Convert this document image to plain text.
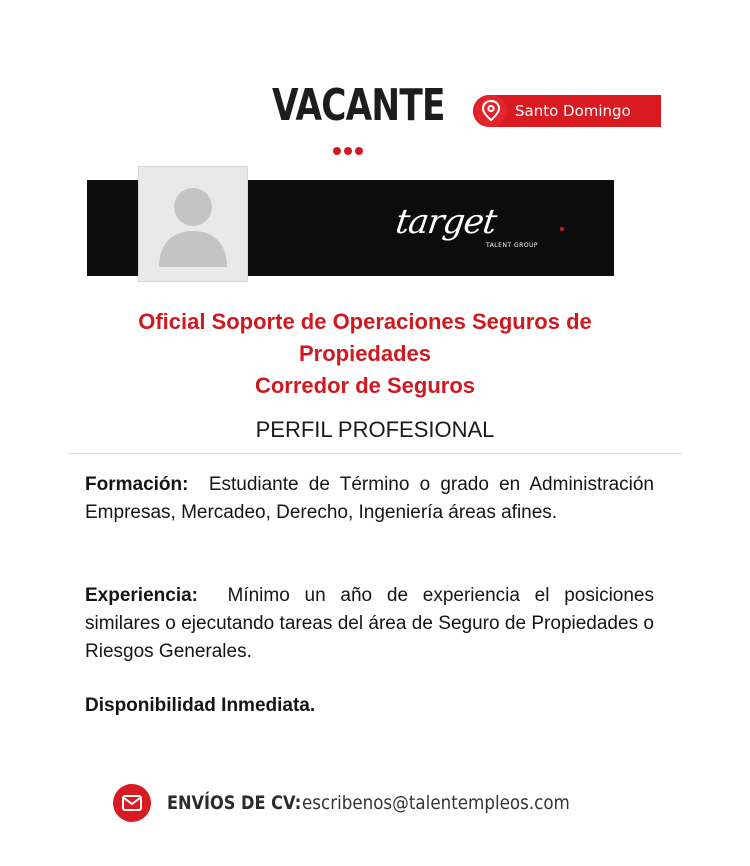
VACANTE	Santo Domingo
target
TALENT GROUP
Oficial Soporte de Operaciones Seguros de
Propiedades
Corredor de Seguros
PERFIL PROFESIONAL
Formación: Estudiante de Término o grado en Administración Empresas, Mercadeo, Derecho, Ingeniería áreas afines.
Experiencia: Mínimo un año de experiencia el posiciones similares o ejecutando tareas del área de Seguro de Propiedades o Riesgos Generales.
Disponibilidad Inmediata.
ENVÍOS DE CV: escribenos@talentempleos.com
